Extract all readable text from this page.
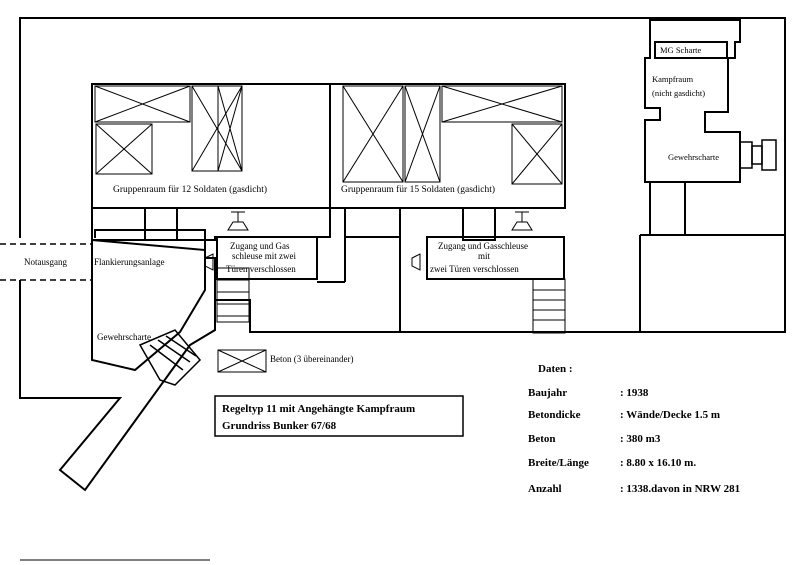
Gruppenraum für 12 Soldaten (gasdicht)	Gruppenraum für 15 Soldaten (gasdicht)
Zugang und Gas
schleuse mit zwei
Türen verschlossen
Zugang und Gasschleuse
mit
zwei Türen verschlossen
Notausgang	Flankierungsanlage
Gewehrscharte
MG Scharte
Kampfraum
(nicht gasdicht)
Gewehrscharte
Beton (3 übereinander)
Regeltyp 11 mit Angehängte Kampfraum
Grundriss Bunker 67/68
Daten :
Baujahr	: 1938
Betondicke	: Wände/Decke 1.5 m
Beton	: 380 m3
Breite/Länge	: 8.80 x 16.10 m.
Anzahl	: 1338.davon in NRW 281
